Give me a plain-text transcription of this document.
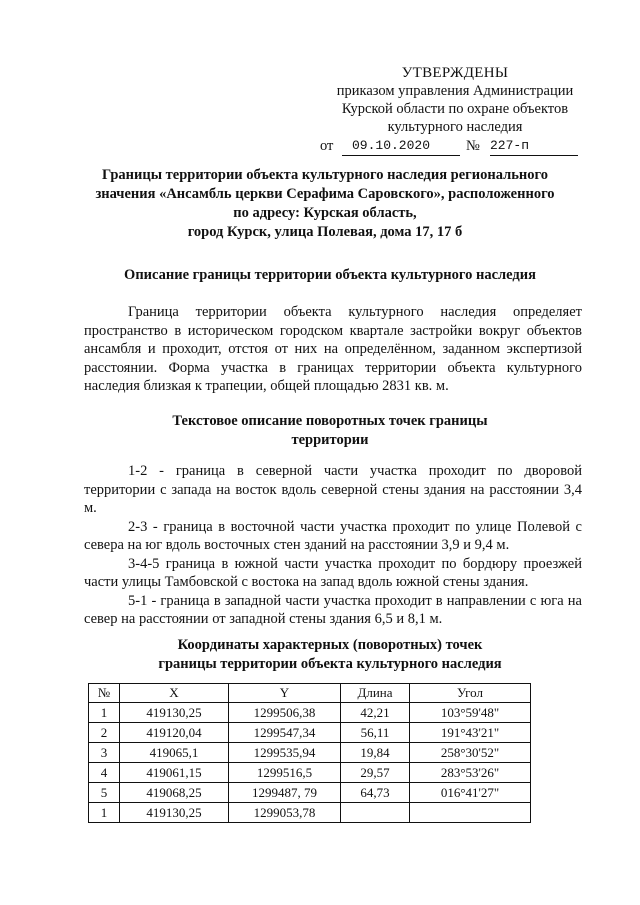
УТВЕРЖДЕНЫ
приказом управления Администрации
Курской области по охране объектов
культурного наследия
от	09.10.2020	№ 227-п
Границы территории объекта культурного наследия регионального
значения «Ансамбль церкви Серафима Саровского», расположенного
по адресу: Курская область,
город Курск, улица Полевая, дома 17, 17 б
Описание границы территории объекта культурного наследия

Граница территории объекта культурного наследия определяет пространство в историческом городском квартале застройки вокруг объектов ансамбля и проходит, отстоя от них на определённом, заданном экспертизой расстоянии. Форма участка в границах территории объекта культурного наследия близкая к трапеции, общей площадью 2831 кв. м.

Текстовое описание поворотных точек границы
территории

1-2 - граница в северной части участка проходит по дворовой территории с запада на восток вдоль северной стены здания на расстоянии 3,4 м.

2-3 - граница в восточной части участка проходит по улице Полевой с севера на юг вдоль восточных стен зданий на расстоянии 3,9 и 9,4 м.

3-4-5 граница в южной части участка проходит по бордюру проезжей части улицы Тамбовской с востока на запад вдоль южной стены здания.

5-1 - граница в западной части участка проходит в направлении с юга на север на расстоянии от западной стены здания 6,5 и 8,1 м.

Координаты характерных (поворотных) точек
границы территории объекта культурного наследия
№	X	Y	Длина	Угол
1	419130,25	1299506,38	42,21	103°59'48"
2	419120,04	1299547,34	56,11	191°43'21"
3	419065,1	1299535,94	19,84	258°30'52"
4	419061,15	1299516,5	29,57	283°53'26"
5	419068,25	1299487, 79	64,73	016°41'27"
1	419130,25	1299053,78		
